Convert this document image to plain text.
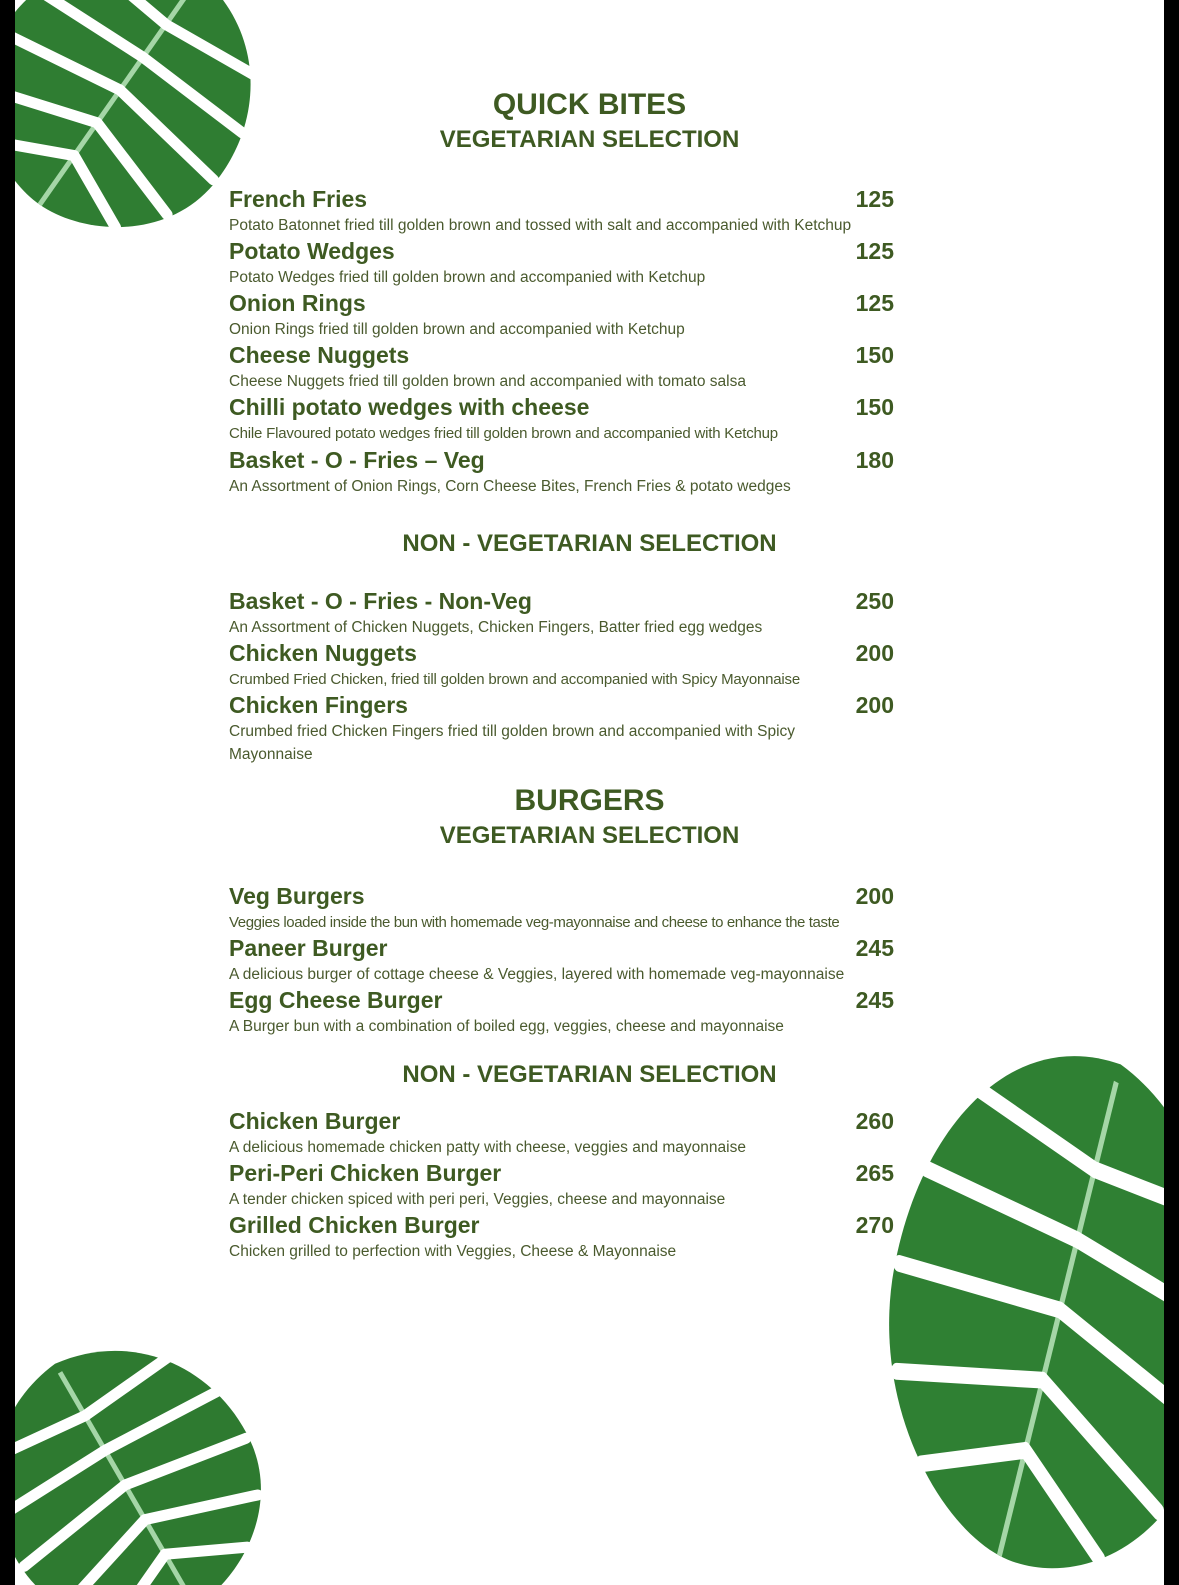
QUICK BITES
VEGETARIAN SELECTION
French Fries	125
Potato Batonnet fried till golden brown and tossed with salt and accompanied with Ketchup
Potato Wedges	125
Potato Wedges fried till golden brown and accompanied with Ketchup
Onion Rings	125
Onion Rings fried till golden brown and accompanied with Ketchup
Cheese Nuggets	150
Cheese Nuggets fried till golden brown and accompanied with tomato salsa
Chilli potato wedges with cheese	150
Chile Flavoured potato wedges fried till golden brown and accompanied with Ketchup
Basket - O - Fries – Veg	180
An Assortment of Onion Rings, Corn Cheese Bites, French Fries & potato wedges
NON - VEGETARIAN SELECTION
Basket - O - Fries - Non-Veg	250
An Assortment of Chicken Nuggets, Chicken Fingers, Batter fried egg wedges
Chicken Nuggets	200
Crumbed Fried Chicken, fried till golden brown and accompanied with Spicy Mayonnaise
Chicken Fingers	200
Crumbed fried Chicken Fingers fried till golden brown and accompanied with Spicy Mayonnaise
BURGERS
VEGETARIAN SELECTION
Veg Burgers	200
Veggies loaded inside the bun with homemade veg-mayonnaise and cheese to enhance the taste
Paneer Burger	245
A delicious burger of cottage cheese & Veggies, layered with homemade veg-mayonnaise
Egg Cheese Burger	245
A Burger bun with a combination of boiled egg, veggies, cheese and mayonnaise
NON - VEGETARIAN SELECTION
Chicken Burger	260
A delicious homemade chicken patty with cheese, veggies and mayonnaise
Peri-Peri Chicken Burger	265
A tender chicken spiced with peri peri, Veggies, cheese and mayonnaise
Grilled Chicken Burger	270
Chicken grilled to perfection with Veggies, Cheese & Mayonnaise
